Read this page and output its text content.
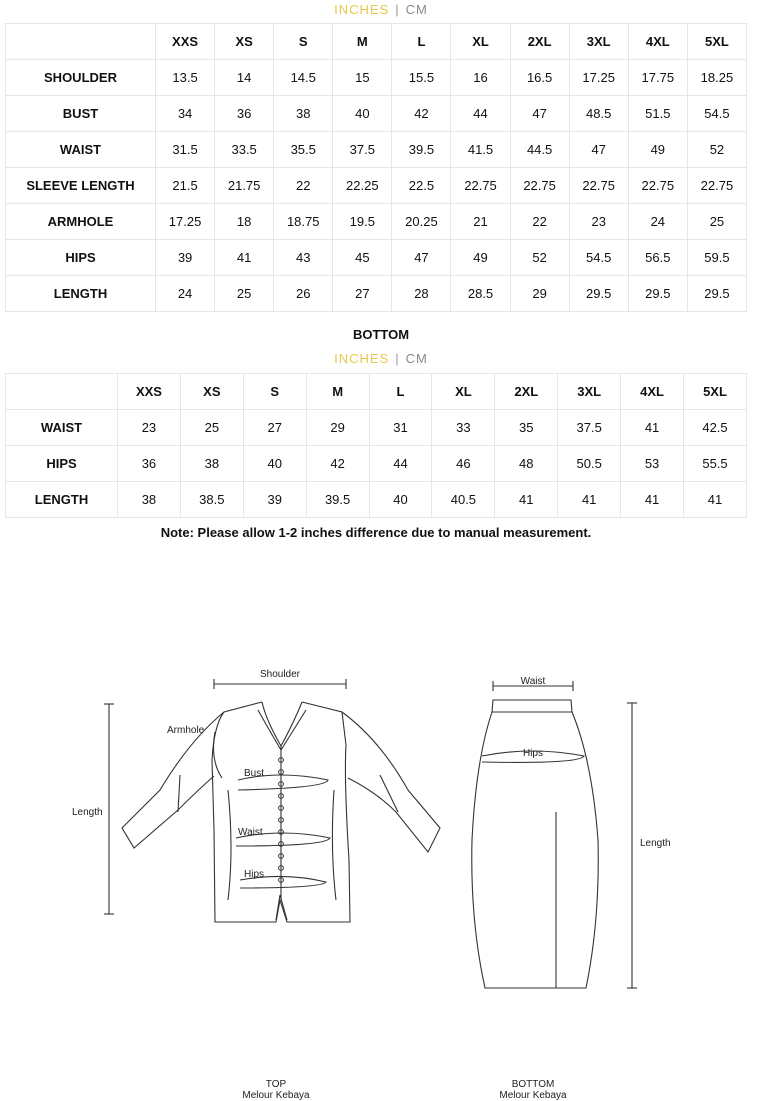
INCHES | CM
	XXS	XS	S	M	L	XL	2XL	3XL	4XL	5XL
SHOULDER	13.5	14	14.5	15	15.5	16	16.5	17.25	17.75	18.25
BUST	34	36	38	40	42	44	47	48.5	51.5	54.5
WAIST	31.5	33.5	35.5	37.5	39.5	41.5	44.5	47	49	52
SLEEVE LENGTH	21.5	21.75	22	22.25	22.5	22.75	22.75	22.75	22.75	22.75
ARMHOLE	17.25	18	18.75	19.5	20.25	21	22	23	24	25
HIPS	39	41	43	45	47	49	52	54.5	56.5	59.5
LENGTH	24	25	26	27	28	28.5	29	29.5	29.5	29.5
BOTTOM
INCHES | CM
	XXS	XS	S	M	L	XL	2XL	3XL	4XL	5XL
WAIST	23	25	27	29	31	33	35	37.5	41	42.5
HIPS	36	38	40	42	44	46	48	50.5	53	55.5
LENGTH	38	38.5	39	39.5	40	40.5	41	41	41	41
Note: Please allow 1-2 inches difference due to manual measurement.
Shoulder
Armhole
Bust
Waist
Hips
Length
Waist
Hips
Length
TOP
Melour Kebaya
BOTTOM
Melour Kebaya
